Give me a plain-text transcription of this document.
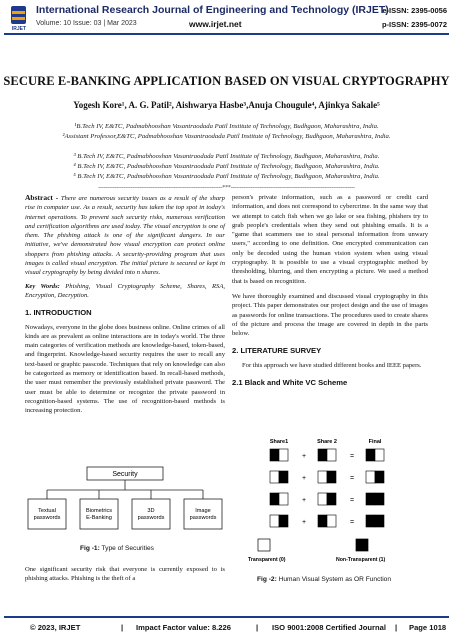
IRJET
International Research Journal of Engineering and Technology (IRJET)
Volume: 10 Issue: 03 | Mar 2023	www.irjet.net
e-ISSN: 2395-0056
p-ISSN: 2395-0072
SECURE E-BANKING APPLICATION BASED ON VISUAL CRYPTOGRAPHY
Yogesh Kore¹, A. G. Patil², Aishwarya Hasbe³,Anuja Chougule⁴, Ajinkya Sakale⁵
¹B.Tech IV, E&TC, Padmabhooshan Vasantraodada Patil Institute of Technology, Budhgaon, Maharashtra, India.
²Assistant Professor,E&TC, Padmabhooshan Vasantraodada Patil Institute of Technology, Budhgaon, Maharashtra, India.
³ B.Tech IV, E&TC, Padmabhooshan Vasantraodada Patil Institute of Technology, Budhgaon, Maharashtra, India.
⁴ B.Tech IV, E&TC, Padmabhooshan Vasantraodada Patil Institute of Technology, Budhgaon, Maharashtra, India.
⁵ B.Tech IV, E&TC, Padmabhooshan Vasantraodada Patil Institute of Technology, Budhgaon, Maharashtra, India.
---------------------------------------------------------------------***---------------------------------------------------------------------

Abstract - There are numerous security issues as a result of the sharp rise in computer use. As a result, security has taken the top spot in today's internet operations. To prevent such security risks, numerous verification and certification algorithms are used today. The visual encryption is one of them. The phishing attack is one of the significant dangers. In our initiative, we've demonstrated how visual encryption can protect online shoppers from phishing attacks. A security-providing program that uses images is called visual encryption. The initial picture is secured or kept in visual cryptography by being divided into n shares.

Key Words: Phishing, Visual Cryptography Scheme, Shares, RSA, Encryption, Decryption.

1. INTRODUCTION

Nowadays, everyone in the globe does business online. Online crimes of all kinds are as prevalent as online interactions are in today's world. The three main categories of verification methods are knowledge-based, token-based, and fingerprint. Knowledge-based security requires the user to recall any text-based or graphic passcode. Techniques that rely on knowledge can also be categorized as memory or identification based. In recall-based methods, the user must remember the previously established private password. The user must be able to determine or recognize the private password in recognition-based systems. The use of recognition-based methods is increasing protection.

Security
Textual
passwords
Biometrics
E-Banking
3D
passwords
Image
passwords
Fig -1: Type of Securities
One significant security risk that everyone is currently exposed to is phishing attacks. Phishing is the theft of a

person's private information, such as a password or credit card information, and does not correspond to cybercrime. In the same way that we attempt to catch fish when we go lake or sea fishing, phishers try to grab people's credentials when they send out phishing emails. It is a "game that scammers use to steal personal information from unwary users," according to one definition. One encrypted communication can only be decoded using the human vision system when using visual cryptography. It is possible to use a visual cryptographic method by thresholding, blurring, and then encrypting a picture. We used a method that is based on recognition.

We have thoroughly examined and discussed visual cryptography in this project. This paper demonstrates our project design and the use of images as passwords for online transactions. The procedures used to create shares of the picture and process the image are covered in depth in the parts below.

2. LITERATURE SURVEY

For this approach we have studied different books and IEEE papers.

2.1 Black and White VC Scheme
Share1	Share 2	Final
+	=
+	=
+	=
+	=
Transparent (0)	Non-Transparent (1)
Fig -2: Human Visual System as OR Function
© 2023, IRJET	| Impact Factor value: 8.226	| ISO 9001:2008 Certified Journal | Page 1018
